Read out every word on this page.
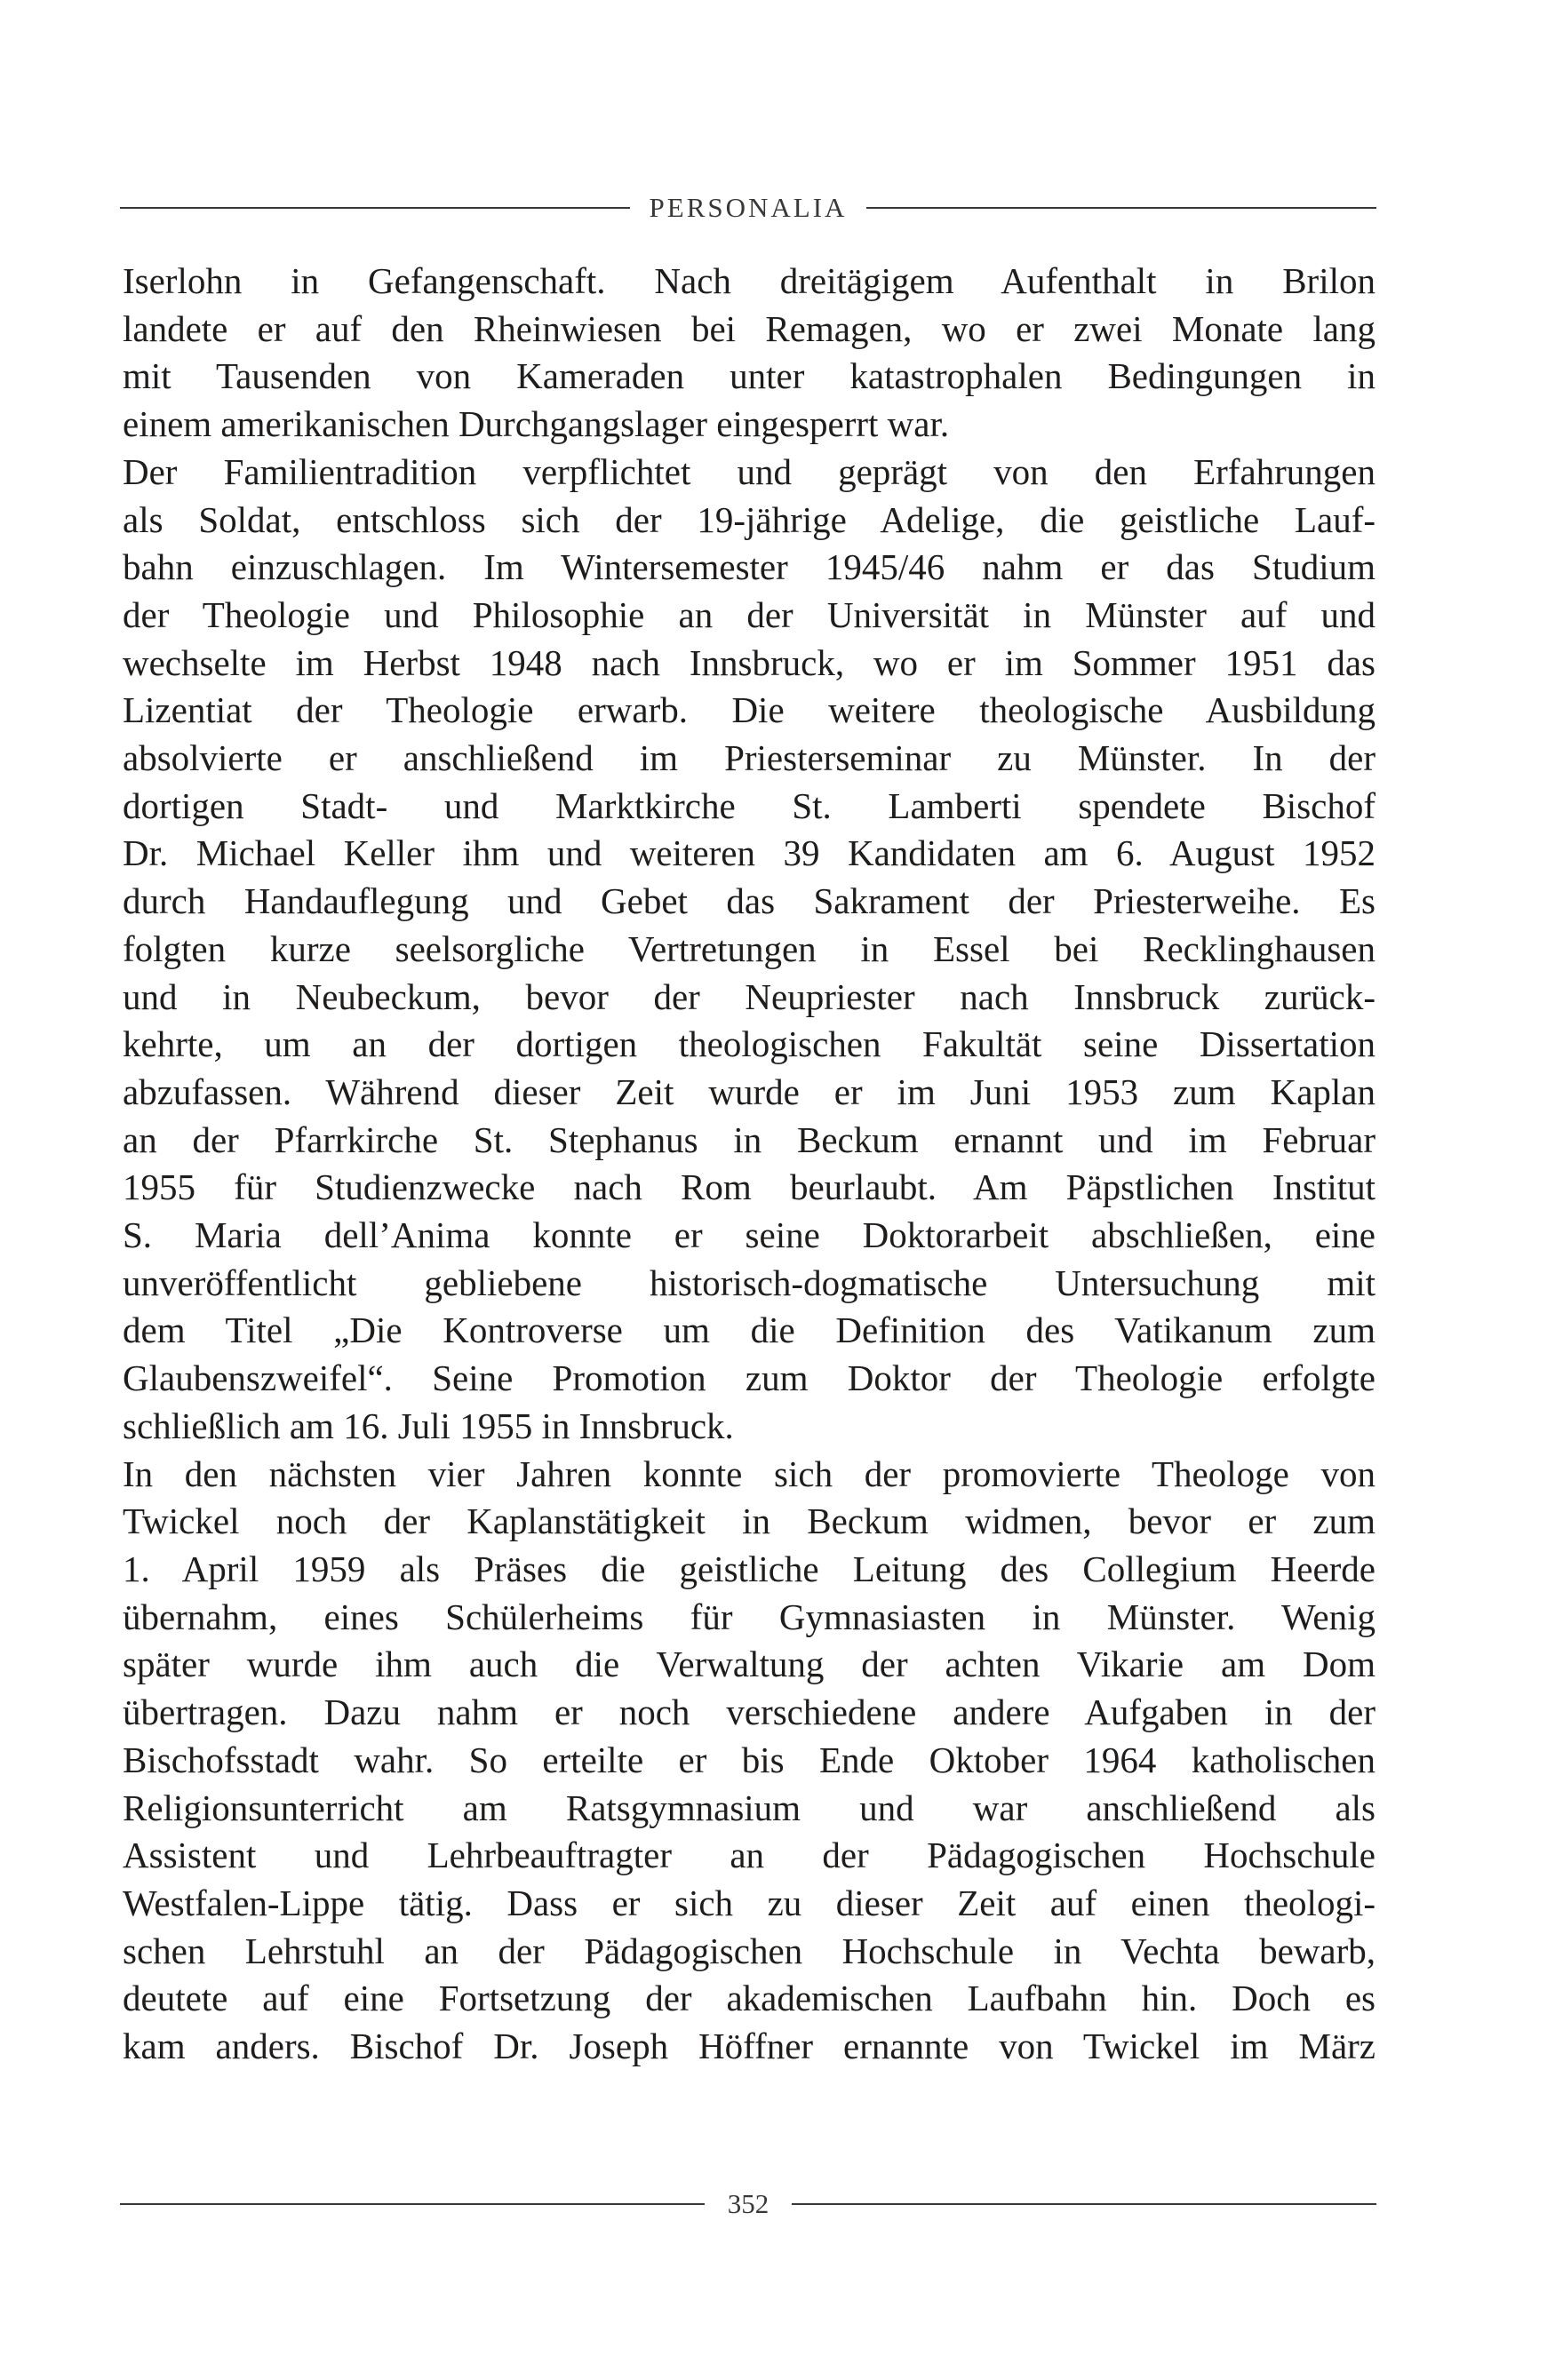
PERSONALIA

Iserlohn in Gefangenschaft. Nach dreitägigem Aufenthalt in Brilon
landete er auf den Rheinwiesen bei Remagen, wo er zwei Monate lang
mit Tausenden von Kameraden unter katastrophalen Bedingungen in
einem amerikanischen Durchgangslager eingesperrt war.

Der Familientradition verpflichtet und geprägt von den Erfahrungen
als Soldat, entschloss sich der 19-jährige Adelige, die geistliche Lauf-
bahn einzuschlagen. Im Wintersemester 1945/46 nahm er das Studium
der Theologie und Philosophie an der Universität in Münster auf und
wechselte im Herbst 1948 nach Innsbruck, wo er im Sommer 1951 das
Lizentiat der Theologie erwarb. Die weitere theologische Ausbildung
absolvierte er anschließend im Priesterseminar zu Münster. In der
dortigen Stadt- und Marktkirche St. Lamberti spendete Bischof
Dr. Michael Keller ihm und weiteren 39 Kandidaten am 6. August 1952
durch Handauflegung und Gebet das Sakrament der Priesterweihe. Es
folgten kurze seelsorgliche Vertretungen in Essel bei Recklinghausen
und in Neubeckum, bevor der Neupriester nach Innsbruck zurück-
kehrte, um an der dortigen theologischen Fakultät seine Dissertation
abzufassen. Während dieser Zeit wurde er im Juni 1953 zum Kaplan
an der Pfarrkirche St. Stephanus in Beckum ernannt und im Februar
1955 für Studienzwecke nach Rom beurlaubt. Am Päpstlichen Institut
S. Maria dell’Anima konnte er seine Doktorarbeit abschließen, eine
unveröffentlicht gebliebene historisch-dogmatische Untersuchung mit
dem Titel „Die Kontroverse um die Definition des Vatikanum zum
Glaubenszweifel“. Seine Promotion zum Doktor der Theologie erfolgte
schließlich am 16. Juli 1955 in Innsbruck.

In den nächsten vier Jahren konnte sich der promovierte Theologe von
Twickel noch der Kaplanstätigkeit in Beckum widmen, bevor er zum
1. April 1959 als Präses die geistliche Leitung des Collegium Heerde
übernahm, eines Schülerheims für Gymnasiasten in Münster. Wenig
später wurde ihm auch die Verwaltung der achten Vikarie am Dom
übertragen. Dazu nahm er noch verschiedene andere Aufgaben in der
Bischofsstadt wahr. So erteilte er bis Ende Oktober 1964 katholischen
Religionsunterricht am Ratsgymnasium und war anschließend als
Assistent und Lehrbeauftragter an der Pädagogischen Hochschule
Westfalen-Lippe tätig. Dass er sich zu dieser Zeit auf einen theologi-
schen Lehrstuhl an der Pädagogischen Hochschule in Vechta bewarb,
deutete auf eine Fortsetzung der akademischen Laufbahn hin. Doch es
kam anders. Bischof Dr. Joseph Höffner ernannte von Twickel im März

352
